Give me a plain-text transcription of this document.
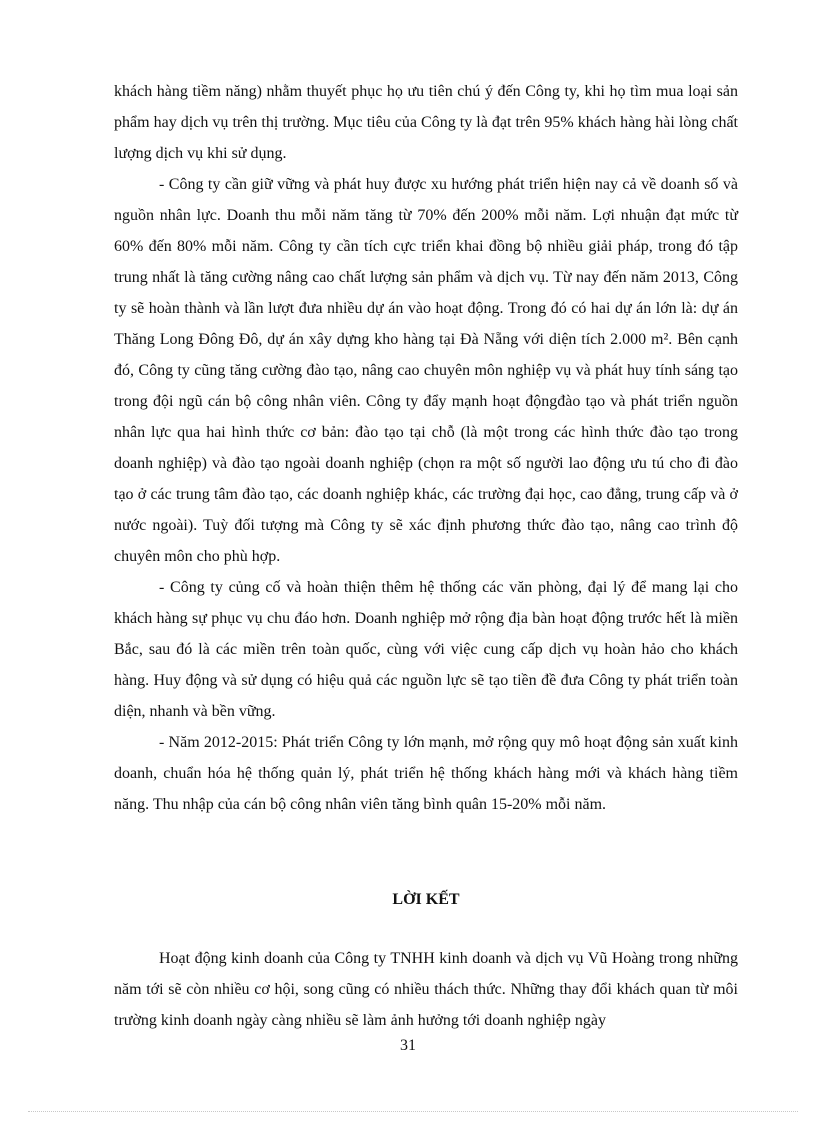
khách hàng tiềm năng) nhằm thuyết phục họ ưu tiên chú ý đến Công ty, khi họ tìm mua loại sản phẩm hay dịch vụ trên thị trường. Mục tiêu của Công ty là đạt trên 95% khách hàng hài lòng chất lượng dịch vụ khi sử dụng.

- Công ty cần giữ vững và phát huy được xu hướng phát triển hiện nay cả về doanh số và nguồn nhân lực. Doanh thu mỗi năm tăng từ 70% đến 200% mỗi năm. Lợi nhuận đạt mức từ 60% đến 80% mỗi năm. Công ty cần tích cực triển khai đồng bộ nhiều giải pháp, trong đó tập trung nhất là tăng cường nâng cao chất lượng sản phẩm và dịch vụ. Từ nay đến năm 2013, Công ty sẽ hoàn thành và lần lượt đưa nhiều dự án vào hoạt động. Trong đó có hai dự án lớn là: dự án Thăng Long Đông Đô, dự án xây dựng kho hàng tại Đà Nẵng với diện tích 2.000 m². Bên cạnh đó, Công ty cũng tăng cường đào tạo, nâng cao chuyên môn nghiệp vụ và phát huy tính sáng tạo trong đội ngũ cán bộ công nhân viên. Công ty đẩy mạnh hoạt độngđào tạo và phát triển nguồn nhân lực qua hai hình thức cơ bản: đào tạo tại chỗ (là một trong các hình thức đào tạo trong doanh nghiệp) và đào tạo ngoài doanh nghiệp (chọn ra một số người lao động ưu tú cho đi đào tạo ở các trung tâm đào tạo, các doanh nghiệp khác, các trường đại học, cao đẳng, trung cấp và ở nước ngoài). Tuỳ đối tượng mà Công ty sẽ xác định phương thức đào tạo, nâng cao trình độ chuyên môn cho phù hợp.

- Công ty củng cố và hoàn thiện thêm hệ thống các văn phòng, đại lý để mang lại cho khách hàng sự phục vụ chu đáo hơn. Doanh nghiệp mở rộng địa bàn hoạt động trước hết là miền Bắc, sau đó là các miền trên toàn quốc, cùng với việc cung cấp dịch vụ hoàn hảo cho khách hàng. Huy động và sử dụng có hiệu quả các nguồn lực sẽ tạo tiền đề đưa Công ty phát triển toàn diện, nhanh và bền vững.

- Năm 2012-2015: Phát triển Công ty lớn mạnh, mở rộng quy mô hoạt động sản xuất kinh doanh, chuẩn hóa hệ thống quản lý, phát triển hệ thống khách hàng mới và khách hàng tiềm năng. Thu nhập của cán bộ công nhân viên tăng bình quân 15-20% mỗi năm.

LỜI KẾT

Hoạt động kinh doanh của Công ty TNHH kinh doanh và dịch vụ Vũ Hoàng trong những năm tới sẽ còn nhiều cơ hội, song cũng có nhiều thách thức. Những thay đổi khách quan từ môi trường kinh doanh ngày càng nhiều sẽ làm ảnh hưởng tới doanh nghiệp ngày

31
